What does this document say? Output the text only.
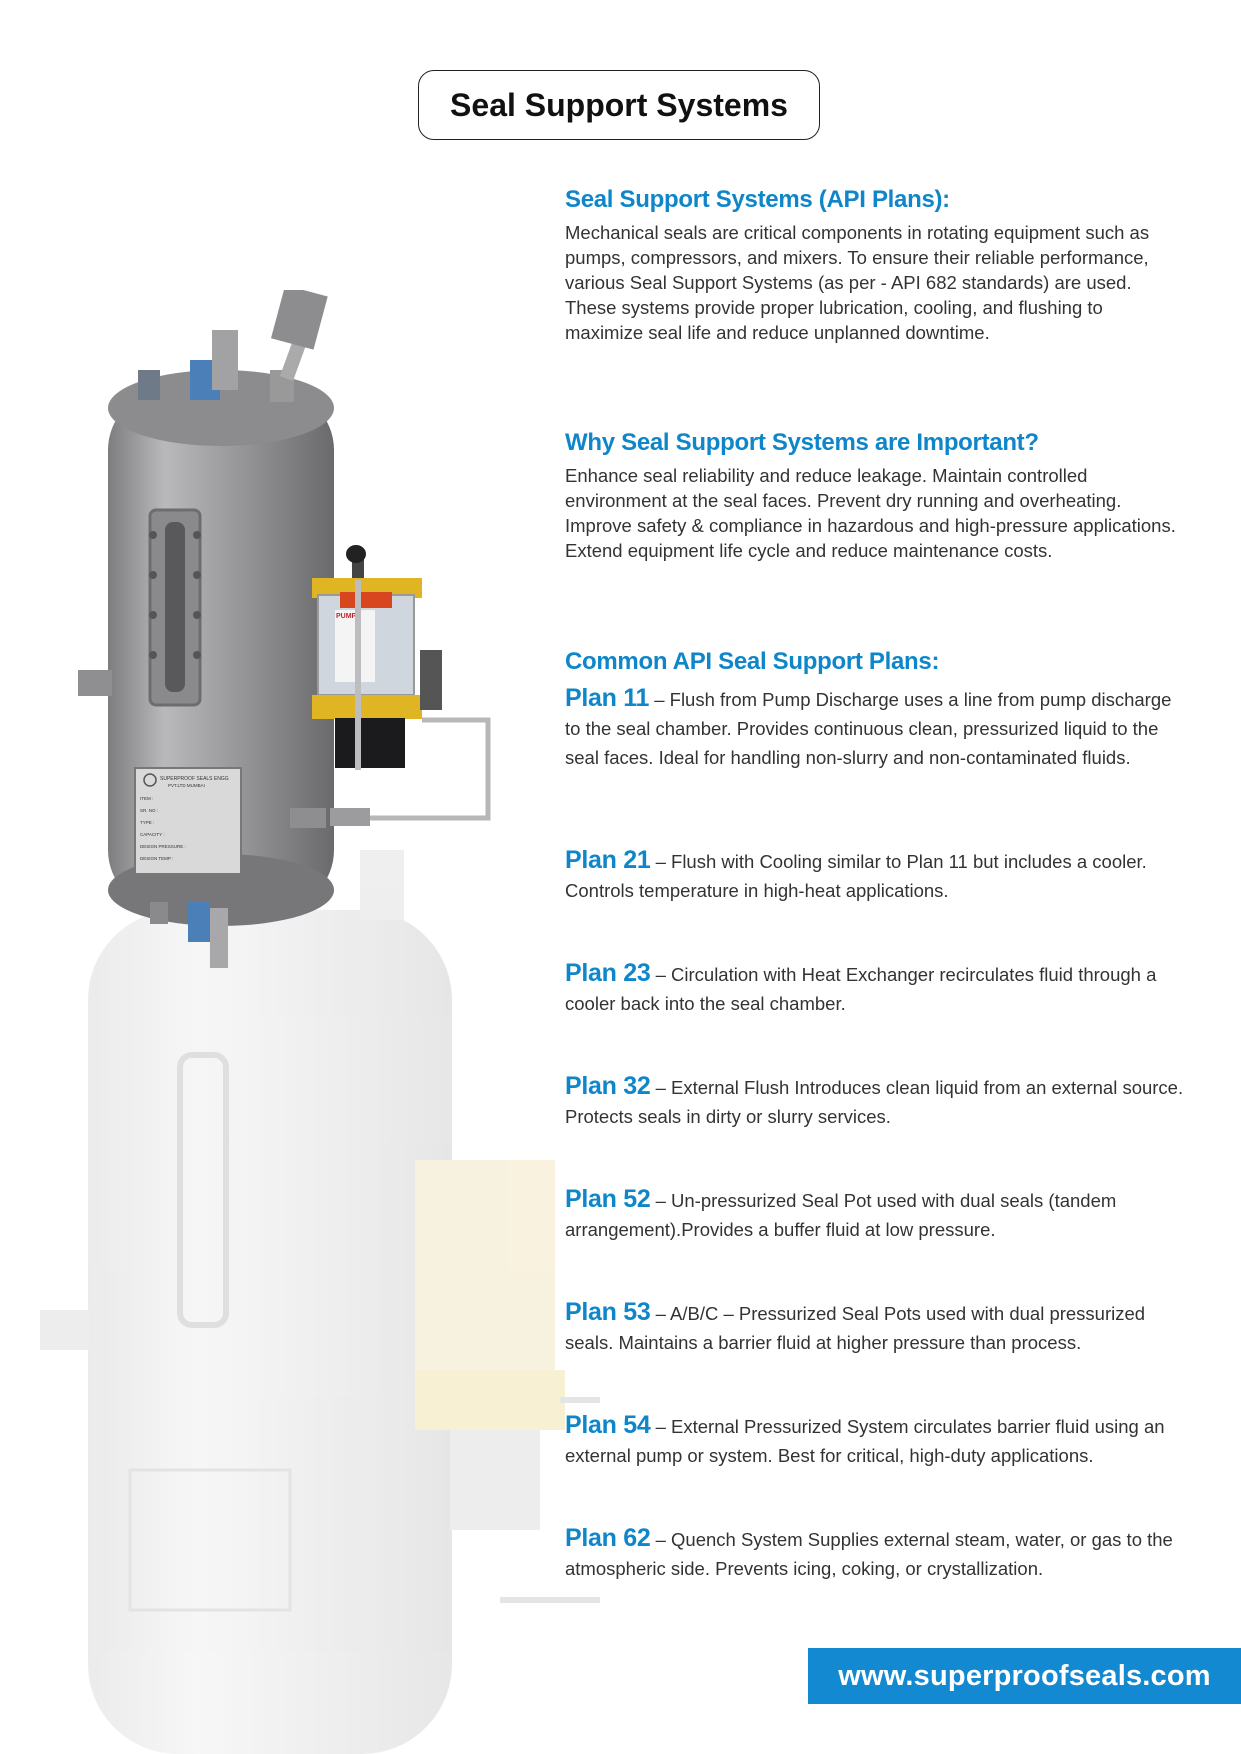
Seal Support Systems
SUPERPROOF SEALS ENGG
PVT.LTD MUMBAI
ITEM :
SR. NO :
TYPE :
CAPACITY :
DESIGN PRESSURE :
DESIGN TEMP :
PUMP
Seal Support Systems (API Plans):

Mechanical seals are critical components in rotating equipment such as pumps, compressors, and mixers. To ensure their reliable performance, various Seal Support Systems (as per - API 682 standards) are used. These systems provide proper lubrication, cooling, and flushing to maximize seal life and reduce unplanned downtime.

Why Seal Support Systems are Important?

Enhance seal reliability and reduce leakage. Maintain controlled environment at the seal faces. Prevent dry running and overheating. Improve safety & compliance in hazardous and high-pressure applications. Extend equipment life cycle and reduce maintenance costs.

Common API Seal Support Plans:
Plan 11 – Flush from Pump Discharge uses a line from pump discharge to the seal chamber. Provides continuous clean, pressurized liquid to the seal faces. Ideal for handling non-slurry and non-contaminated fluids.
Plan 21 – Flush with Cooling similar to Plan 11 but includes a cooler. Controls temperature in high-heat applications.
Plan 23 – Circulation with Heat Exchanger recirculates fluid through a cooler back into the seal chamber.
Plan 32 – External Flush Introduces clean liquid from an external source. Protects seals in dirty or slurry services.
Plan 52 – Un-pressurized Seal Pot used with dual seals (tandem arrangement).Provides a buffer fluid at low pressure.
Plan 53 – A/B/C – Pressurized Seal Pots used with dual pressurized seals. Maintains a barrier fluid at higher pressure than process.
Plan 54 – External Pressurized System circulates barrier fluid using an external pump or system. Best for critical, high-duty applications.
Plan 62 – Quench System Supplies external steam, water, or gas to the atmospheric side. Prevents icing, coking, or crystallization.
www.superproofseals.com
